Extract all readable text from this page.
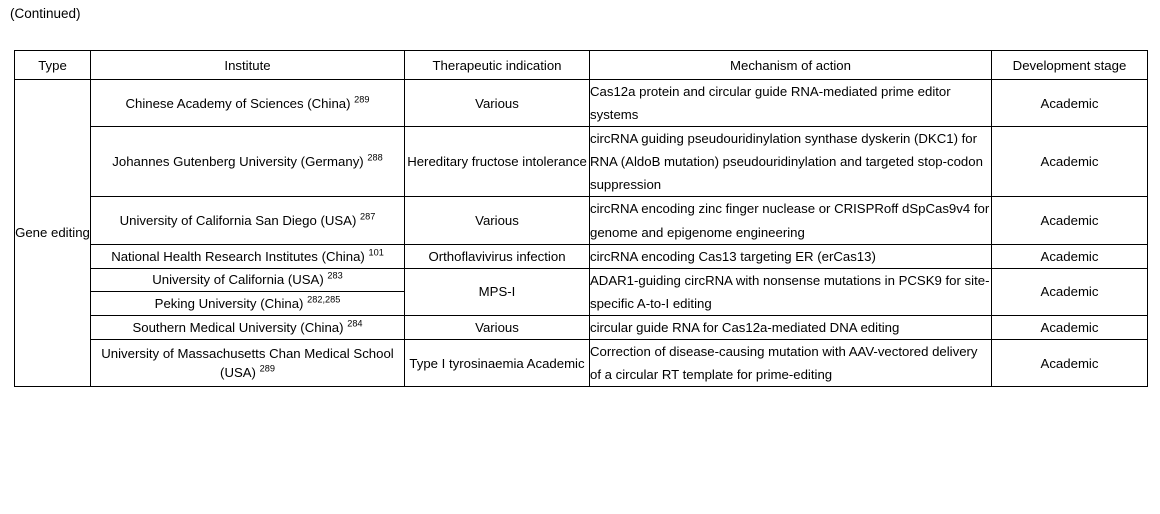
(Continued)
Type	Institute	Therapeutic indication	Mechanism of action	Development stage
Gene editing	Chinese Academy of Sciences (China) $^{289}$	Various	Cas12a protein and circular guide RNA-mediated prime editor systems	Academic
	Johannes Gutenberg University (Germany) $^{288}$	Hereditary fructose intolerance	circRNA guiding pseudouridinylation synthase dyskerin (DKC1) for RNA (AldoB mutation) pseudouridinylation and targeted stop-codon suppression	Academic
	University of California San Diego (USA) $^{287}$	Various	circRNA encoding zinc finger nuclease or CRISPRoff dSpCas9v4 for genome and epigenome engineering	Academic
	National Health Research Institutes (China) $^{101}$	Orthoflavivirus infection	circRNA encoding Cas13 targeting ER (erCas13)	Academic
	University of California (USA) $^{283}$	MPS-I	ADAR1-guiding circRNA with nonsense mutations in PCSK9 for site-specific A-to-I editing	Academic
	Peking University (China) $^{282,285}$
	Southern Medical University (China) $^{284}$	Various	circular guide RNA for Cas12a-mediated DNA editing	Academic
	University of Massachusetts Chan Medical School (USA) $^{289}$	Type I tyrosinaemia Academic	Correction of disease-causing mutation with AAV-vectored delivery of a circular RT template for prime-editing	Academic
